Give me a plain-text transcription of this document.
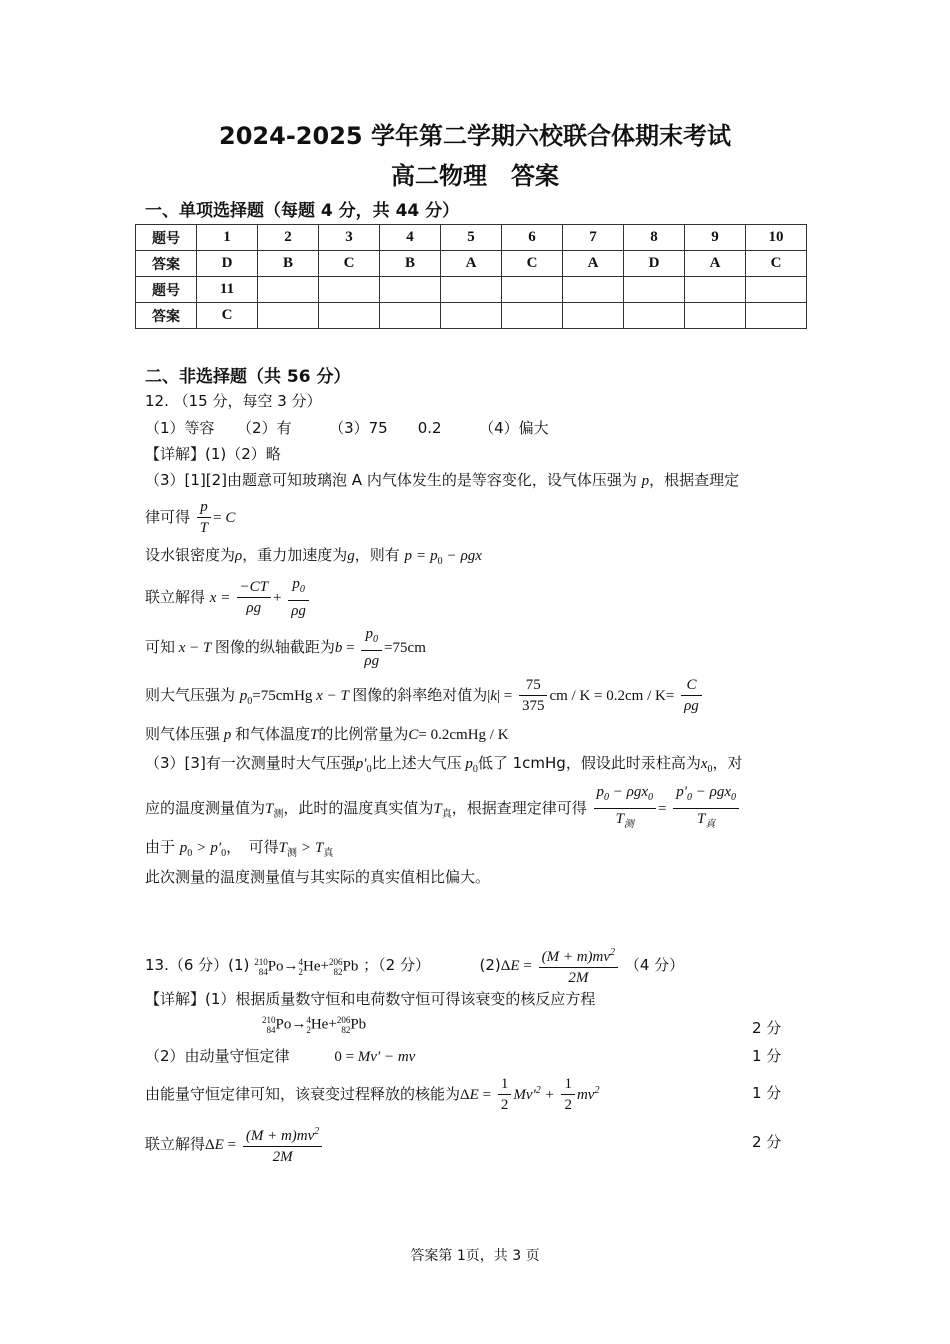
2024-2025 学年第二学期六校联合体期末考试
高二物理　答案
一、单项选择题（每题 4 分，共 44 分）
题号	1	2	3	4	5	6	7	8	9	10
答案	D	B	C	B	A	C	A	D	A	C
题号	11									
答案	C									
二、非选择题（共 56 分）
12. （15 分，每空 3 分）
（1）等容　　（2）有　　　（3）75　　0.2　　　（4）偏大
【详解】(1)（2）略
（3）[1][2]由题意可知玻璃泡 A 内气体发生的是等容变化，设气体压强为 p，根据查理定
律可得 $\frac{p}{T} = C$
设水银密度为ρ，重力加速度为g，则有 $p = p_0 - \rho gx$
联立解得 $x = \frac{-CT}{\rho g} + \frac{p_0}{\rho g}$
可知 x − T 图像的纵轴截距为$b = \frac{p_0}{\rho g} =75cm$
则大气压强为 $p_0=75cmHg$ x − T 图像的斜率绝对值为$|k| = \frac{75}{375}$ cm / $K = 0.2cm / K= \frac{C}{\rho g}$
则气体压强 p 和气体温度T的比例常量为C= 0.2cmHg / K
（3）[3]有一次测量时大气压强$p'_0$比上述大气压 $p_0$低了 1cmHg，假设此时汞柱高为$x_0$，对
应的温度测量值为$T_测$，此时的温度真实值为$T_真$，根据查理定律可得 $\frac{p_0 - \rho gx_0}{T_测} = \frac{p'_0 - \rho gx_0}{T_真}$
由于 $p_0 > p'_0$，　可得$T_测 > T_真$
此次测量的温度测量值与其实际的真实值相比偏大。
13.（6 分）(1) 210
84 Po→ 4
2 He+ 206
82 Pb ；（2 分）	$(2)\Delta E = \frac{(M + m)mv^2}{2M} (4$ 分）
【详解】(1）根据质量数守恒和电荷数守恒可得该衰变的核反应方程
210
84 Po→ 4
2 He+ 206
82 Pb	2 分
（2）由动量守恒定律	0 = Mv′ − mv	1 分
由能量守恒定律可知，该衰变过程释放的核能为$\Delta E = \frac{1}{2} Mv'^2 + \frac{1}{2} mv^2$	1 分
联立解得$\Delta E = \frac{(M + m)mv^2}{2M}$	2 分
答案第 1页，共 3 页
